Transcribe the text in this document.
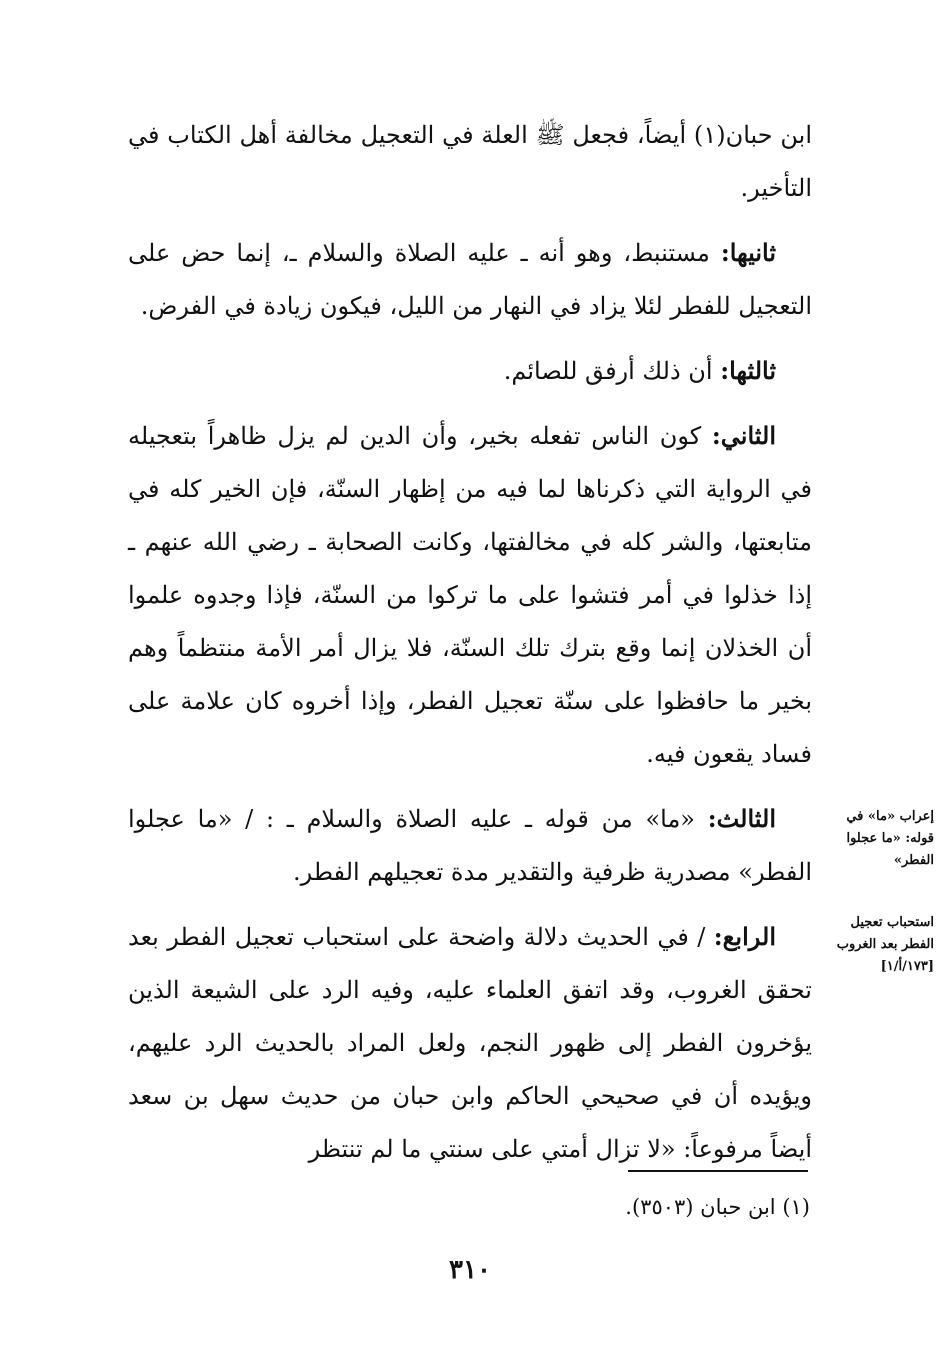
ابن حبان(١) أيضاً، فجعل ﷺ العلة في التعجيل مخالفة أهل الكتاب في التأخير.

ثانيها: مستنبط، وهو أنه ـ عليه الصلاة والسلام ـ، إنما حض على التعجيل للفطر لئلا يزاد في النهار من الليل، فيكون زيادة في الفرض.

ثالثها: أن ذلك أرفق للصائم.

الثاني: كون الناس تفعله بخير، وأن الدين لم يزل ظاهراً بتعجيله في الرواية التي ذكرناها لما فيه من إظهار السنّة، فإن الخير كله في متابعتها، والشر كله في مخالفتها، وكانت الصحابة ـ رضي الله عنهم ـ إذا خذلوا في أمر فتشوا على ما تركوا من السنّة، فإذا وجدوه علموا أن الخذلان إنما وقع بترك تلك السنّة، فلا يزال أمر الأمة منتظماً وهم بخير ما حافظوا على سنّة تعجيل الفطر، وإذا أخروه كان علامة على فساد يقعون فيه.

الثالث: «ما» من قوله ـ عليه الصلاة والسلام ـ : / «ما عجلوا الفطر» مصدرية ظرفية والتقدير مدة تعجيلهم الفطر.

الرابع: / في الحديث دلالة واضحة على استحباب تعجيل الفطر بعد تحقق الغروب، وقد اتفق العلماء عليه، وفيه الرد على الشيعة الذين يؤخرون الفطر إلى ظهور النجم، ولعل المراد بالحديث الرد عليهم، ويؤيده أن في صحيحي الحاكم وابن حبان من حديث سهل بن سعد أيضاً مرفوعاً: «لا تزال أمتي على سنتي ما لم تنتظر

إعراب «ما» في قوله: «ما عجلوا الفطر»
استحباب تعجيل الفطر بعد الغروب [١٧٣/أ/١]
(١) ابن حبان (٣٥٠٣).
٣١٠
